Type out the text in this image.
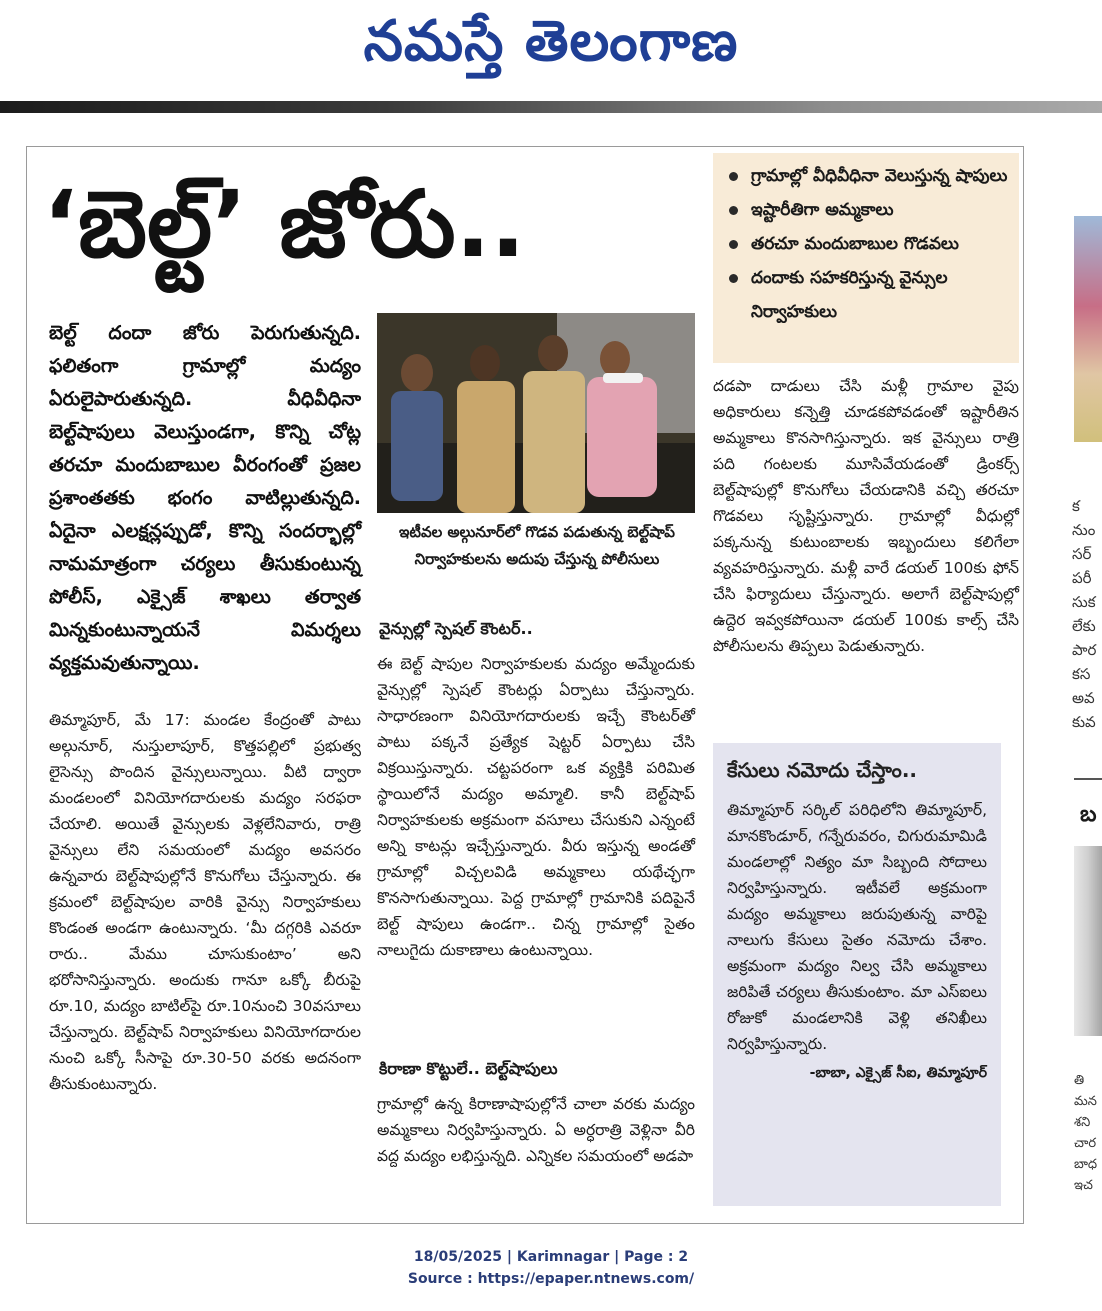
నమస్తే తెలంగాణ
‘బెల్ట్’ జోరు..	గ్రామాల్లో వీధివీధినా వెలుస్తున్న షాపులు
ఇష్టారీతిగా అమ్మకాలు
తరచూ మందుబాబుల గొడవలు
దందాకు సహకరిస్తున్న వైన్సుల నిర్వాహకులు

బెల్ట్ దందా జోరు పెరుగుతున్నది. ఫలితంగా గ్రామాల్లో మద్యం ఏరులైపారుతున్నది. వీధివీధినా బెల్ట్‌షాపులు వెలుస్తుండగా, కొన్ని చోట్ల తరచూ మందుబాబుల వీరంగంతో ప్రజల ప్రశాంతతకు భంగం వాటిల్లుతున్నది. ఏదైనా ఎలక్షన్లప్పుడో, కొన్ని సందర్భాల్లో నామమాత్రంగా చర్యలు తీసుకుంటున్న పోలీస్, ఎక్సైజ్ శాఖలు తర్వాత మిన్నకుంటున్నాయనే విమర్శలు వ్యక్తమవుతున్నాయి.

తిమ్మాపూర్, మే 17: మండల కేంద్రంతో పాటు అల్గునూర్, నుస్తులాపూర్, కొత్తపల్లిలో ప్రభుత్వ లైసెన్సు పొందిన వైన్సులున్నాయి. వీటి ద్వారా మండలంలో వినియోగదారులకు మద్యం సరఫరా చేయాలి. అయితే వైన్సులకు వెళ్లలేనివారు, రాత్రి వైన్సులు లేని సమయంలో మద్యం అవసరం ఉన్నవారు బెల్ట్‌షాపుల్లోనే కొనుగోలు చేస్తున్నారు. ఈ క్రమంలో బెల్ట్‌షాపుల వారికి వైన్సు నిర్వాహకులు కొండంత అండగా ఉంటున్నారు. ‘మీ దగ్గరికి ఎవరూ రారు.. మేము చూసుకుంటాం’ అని భరోసానిస్తున్నారు. అందుకు గానూ ఒక్కో బీరుపై రూ.10, మద్యం బాటిల్‌పై రూ.10నుంచి 30వసూలు చేస్తున్నారు. బెల్ట్‌షాప్ నిర్వాహకులు వినియోగదారుల నుంచి ఒక్కో సీసాపై రూ.30-50 వరకు అదనంగా తీసుకుంటున్నారు.

ఇటీవల అల్గునూర్‌లో గొడవ పడుతున్న బెల్ట్‌షాప్ నిర్వాహకులను అదుపు చేస్తున్న పోలీసులు

వైన్సుల్లో స్పెషల్ కౌంటర్..

ఈ బెల్ట్ షాపుల నిర్వాహకులకు మద్యం అమ్మేందుకు వైన్సుల్లో స్పెషల్ కౌంటర్లు ఏర్పాటు చేస్తున్నారు. సాధారణంగా వినియోగదారులకు ఇచ్చే కౌంటర్‌తో పాటు పక్కనే ప్రత్యేక షెట్టర్ ఏర్పాటు చేసి విక్రయిస్తున్నారు. చట్టపరంగా ఒక వ్యక్తికి పరిమిత స్థాయిలోనే మద్యం అమ్మాలి. కానీ బెల్ట్‌షాప్ నిర్వాహకులకు అక్రమంగా వసూలు చేసుకుని ఎన్నంటే అన్ని కాటన్లు ఇచ్చేస్తున్నారు. వీరు ఇస్తున్న అండతో గ్రామాల్లో విచ్చలవిడి అమ్మకాలు యథేచ్ఛగా కొనసాగుతున్నాయి. పెద్ద గ్రామాల్లో గ్రామానికి పదిపైనే బెల్ట్ షాపులు ఉండగా.. చిన్న గ్రామాల్లో సైతం నాలుగైదు దుకాణాలు ఉంటున్నాయి.

కిరాణా కొట్టులే.. బెల్ట్‌షాపులు

గ్రామాల్లో ఉన్న కిరాణాషాపుల్లోనే చాలా వరకు మద్యం అమ్మకాలు నిర్వహిస్తున్నారు. ఏ అర్ధరాత్రి వెళ్లినా వీరి వద్ద మద్యం లభిస్తున్నది. ఎన్నికల సమయంలో అడపా

దడపా దాడులు చేసి మళ్లీ గ్రామాల వైపు అధికారులు కన్నెత్తి చూడకపోవడంతో ఇష్టారీతిన అమ్మకాలు కొనసాగిస్తున్నారు. ఇక వైన్సులు రాత్రి పది గంటలకు మూసివేయడంతో డ్రింకర్స్ బెల్ట్‌షాపుల్లో కొనుగోలు చేయడానికి వచ్చి తరచూ గొడవలు సృష్టిస్తున్నారు. గ్రామాల్లో వీధుల్లో పక్కనున్న కుటుంబాలకు ఇబ్బందులు కలిగేలా వ్యవహరిస్తున్నారు. మళ్లీ వారే డయల్ 100కు ఫోన్ చేసి ఫిర్యాదులు చేస్తున్నారు. అలాగే బెల్ట్‌షాపుల్లో ఉద్దెర ఇవ్వకపోయినా డయల్ 100కు కాల్స్ చేసి పోలీసులను తిప్పలు పెడుతున్నారు.

కేసులు నమోదు చేస్తాం..

తిమ్మాపూర్ సర్కిల్ పరిధిలోని తిమ్మాపూర్, మానకొండూర్, గన్నేరువరం, చిగురుమామిడి మండలాల్లో నిత్యం మా సిబ్బంది సోదాలు నిర్వహిస్తున్నారు. ఇటీవలే అక్రమంగా మద్యం అమ్మకాలు జరుపుతున్న వారిపై నాలుగు కేసులు సైతం నమోదు చేశాం. అక్రమంగా మద్యం నిల్వ చేసి అమ్మకాలు జరిపితే చర్యలు తీసుకుంటాం. మా ఎస్ఐలు రోజుకో మండలానికి వెళ్లి తనిఖీలు నిర్వహిస్తున్నారు.

-బాబా, ఎక్సైజ్ సీఐ, తిమ్మాపూర్

క
నుం
సర్
పరీ
సుక
లేకు
పార
కస
అవ
కువ
బ
తి
మన
శని
చార
బాధ
ఇచ
18/05/2025 | Karimnagar | Page : 2
Source : https://epaper.ntnews.com/
